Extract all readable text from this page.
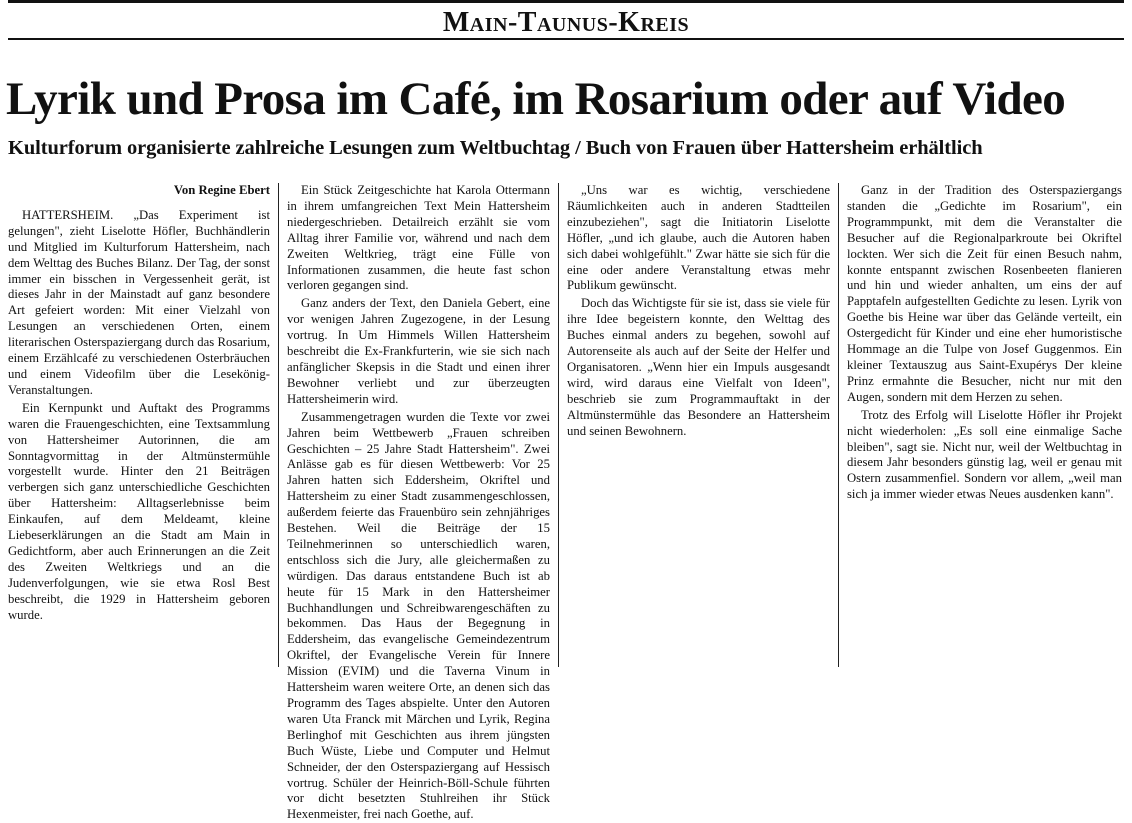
Main-Taunus-Kreis
Lyrik und Prosa im Café, im Rosarium oder auf Video
Kulturforum organisierte zahlreiche Lesungen zum Weltbuchtag / Buch von Frauen über Hattersheim erhältlich
Von Regine Ebert

HATTERSHEIM. „Das Experiment ist gelungen", zieht Liselotte Höfler, Buchhändlerin und Mitglied im Kulturforum Hattersheim, nach dem Welttag des Buches Bilanz. Der Tag, der sonst immer ein bisschen in Vergessenheit gerät, ist dieses Jahr in der Mainstadt auf ganz besondere Art gefeiert worden: Mit einer Vielzahl von Lesungen an verschiedenen Orten, einem literarischen Osterspaziergang durch das Rosarium, einem Erzählcafé zu verschiedenen Osterbräuchen und einem Videofilm über die Lesekönig-Veranstaltungen.

Ein Kernpunkt und Auftakt des Programms waren die Frauengeschichten, eine Textsammlung von Hattersheimer Autorinnen, die am Sonntagvormittag in der Altmünstermühle vorgestellt wurde. Hinter den 21 Beiträgen verbergen sich ganz unterschiedliche Geschichten über Hattersheim: Alltagserlebnisse beim Einkaufen, auf dem Meldeamt, kleine Liebeserklärungen an die Stadt am Main in Gedichtform, aber auch Erinnerungen an die Zeit des Zweiten Weltkriegs und an die Judenverfolgungen, wie sie etwa Rosl Best beschreibt, die 1929 in Hattersheim geboren wurde.

Ein Stück Zeitgeschichte hat Karola Ottermann in ihrem umfangreichen Text Mein Hattersheim niedergeschrieben. Detailreich erzählt sie vom Alltag ihrer Familie vor, während und nach dem Zweiten Weltkrieg, trägt eine Fülle von Informationen zusammen, die heute fast schon verloren gegangen sind.

Ganz anders der Text, den Daniela Gebert, eine vor wenigen Jahren Zugezogene, in der Lesung vortrug. In Um Himmels Willen Hattersheim beschreibt die Ex-Frankfurterin, wie sie sich nach anfänglicher Skepsis in die Stadt und einen ihrer Bewohner verliebt und zur überzeugten Hattersheimerin wird.

Zusammengetragen wurden die Texte vor zwei Jahren beim Wettbewerb „Frauen schreiben Geschichten – 25 Jahre Stadt Hattersheim". Zwei Anlässe gab es für diesen Wettbewerb: Vor 25 Jahren hatten sich Eddersheim, Okriftel und Hattersheim zu einer Stadt zusammengeschlossen, außerdem feierte das Frauenbüro sein zehnjähriges Bestehen. Weil die Beiträge der 15 Teilnehmerinnen so unterschiedlich waren, entschloss sich die Jury, alle gleichermaßen zu würdigen. Das daraus entstandene Buch ist ab heute für 15 Mark in den Hattersheimer Buchhandlungen und Schreibwarengeschäften zu bekommen. Das Haus der Begegnung in Eddersheim, das evangelische Gemeindezentrum Okriftel, der Evangelische Verein für Innere Mission (EVIM) und die Taverna Vinum in Hattersheim waren weitere Orte, an denen sich das Programm des Tages abspielte. Unter den Autoren waren Uta Franck mit Märchen und Lyrik, Regina Berlinghof mit Geschichten aus ihrem jüngsten Buch Wüste, Liebe und Computer und Helmut Schneider, der den Osterspaziergang auf Hessisch vortrug. Schüler der Heinrich-Böll-Schule führten vor dicht besetzten Stuhlreihen ihr Stück Hexenmeister, frei nach Goethe, auf.

„Uns war es wichtig, verschiedene Räumlichkeiten auch in anderen Stadtteilen einzubeziehen", sagt die Initiatorin Liselotte Höfler, „und ich glaube, auch die Autoren haben sich dabei wohlgefühlt." Zwar hätte sie sich für die eine oder andere Veranstaltung etwas mehr Publikum gewünscht.

Doch das Wichtigste für sie ist, dass sie viele für ihre Idee begeistern konnte, den Welttag des Buches einmal anders zu begehen, sowohl auf Autorenseite als auch auf der Seite der Helfer und Organisatoren. „Wenn hier ein Impuls ausgesandt wird, wird daraus eine Vielfalt von Ideen", beschrieb sie zum Programmauftakt in der Altmünstermühle das Besondere an Hattersheim und seinen Bewohnern.

Ganz in der Tradition des Osterspaziergangs standen die „Gedichte im Rosarium", ein Programmpunkt, mit dem die Veranstalter die Besucher auf die Regionalparkroute bei Okriftel lockten. Wer sich die Zeit für einen Besuch nahm, konnte entspannt zwischen Rosenbeeten flanieren und hin und wieder anhalten, um eins der auf Papptafeln aufgestellten Gedichte zu lesen. Lyrik von Goethe bis Heine war über das Gelände verteilt, ein Ostergedicht für Kinder und eine eher humoristische Hommage an die Tulpe von Josef Guggenmos. Ein kleiner Textauszug aus Saint-Exupérys Der kleine Prinz ermahnte die Besucher, nicht nur mit den Augen, sondern mit dem Herzen zu sehen.

Trotz des Erfolg will Liselotte Höfler ihr Projekt nicht wiederholen: „Es soll eine einmalige Sache bleiben", sagt sie. Nicht nur, weil der Weltbuchtag in diesem Jahr besonders günstig lag, weil er genau mit Ostern zusammenfiel. Sondern vor allem, „weil man sich ja immer wieder etwas Neues ausdenken kann".
